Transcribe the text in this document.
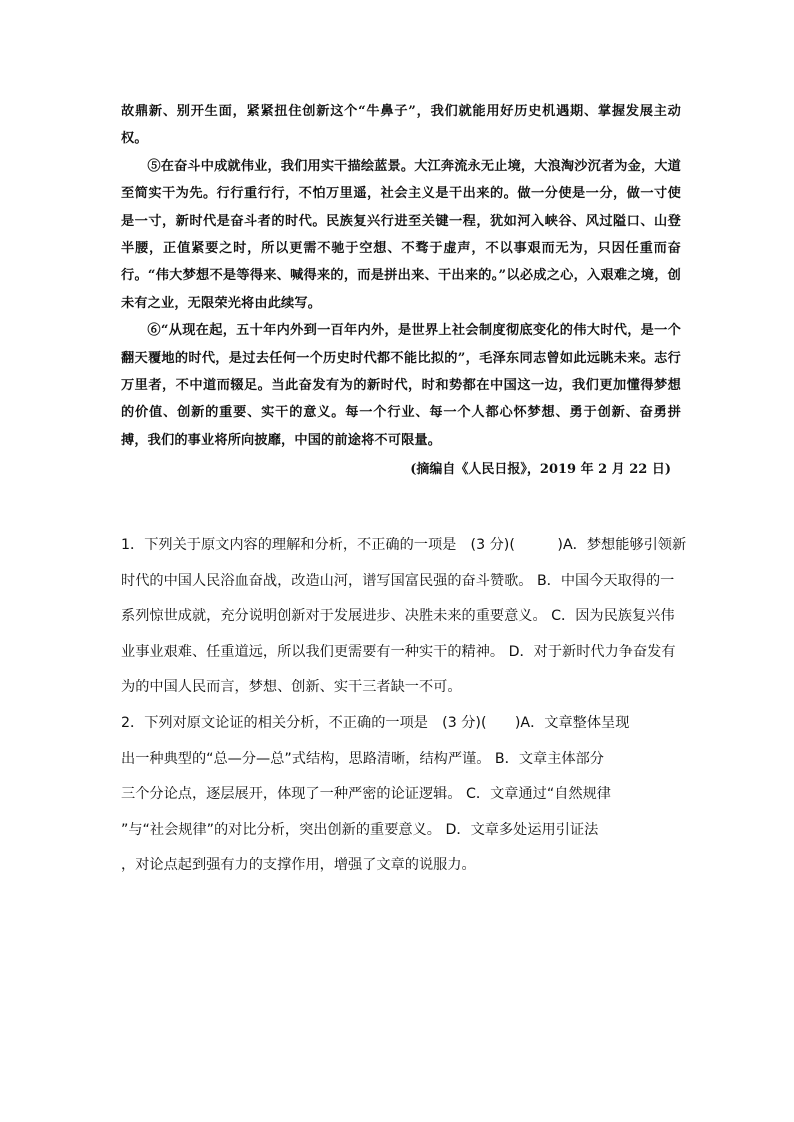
故鼎新、别开生面，紧紧扭住创新这个“牛鼻子”，我们就能用好历史机遇期、掌握发展主动权。

⑤在奋斗中成就伟业，我们用实干描绘蓝景。大江奔流永无止境，大浪淘沙沉者为金，大道至简实干为先。行行重行行，不怕万里遥，社会主义是干出来的。做一分使是一分，做一寸使是一寸，新时代是奋斗者的时代。民族复兴行进至关键一程，犹如河入峡谷、风过隘口、山登半腰，正值紧要之时，所以更需不驰于空想、不骛于虚声，不以事艰而无为，只因任重而奋行。“伟大梦想不是等得来、喊得来的，而是拼出来、干出来的。”以必成之心，入艰难之境，创未有之业，无限荣光将由此续写。

⑥“从现在起，五十年内外到一百年内外，是世界上社会制度彻底变化的伟大时代，是一个翻天覆地的时代，是过去任何一个历史时代都不能比拟的”，毛泽东同志曾如此远眺未来。志行万里者，不中道而辍足。当此奋发有为的新时代，时和势都在中国这一边，我们更加懂得梦想的价值、创新的重要、实干的意义。每一个行业、每一个人都心怀梦想、勇于创新、奋勇拼搏，我们的事业将所向披靡，中国的前途将不可限量。

(摘编自《人民日报》，2019 年 2 月 22 日)

1．下列关于原文内容的理解和分析，不正确的一项是　(3 分)(　　　)A．梦想能够引领新
时代的中国人民浴血奋战，改造山河，谱写国富民强的奋斗赞歌。 B．中国今天取得的一
系列惊世成就，充分说明创新对于发展进步、决胜未来的重要意义。 C．因为民族复兴伟
业事业艰难、任重道远，所以我们更需要有一种实干的精神。 D．对于新时代力争奋发有
为的中国人民而言，梦想、创新、实干三者缺一不可。
2．下列对原文论证的相关分析，不正确的一项是　(3 分)(　　)A．文章整体呈现
出一种典型的“总—分—总”式结构，思路清晰，结构严谨。 B．文章主体部分
三个分论点，逐层展开，体现了一种严密的论证逻辑。 C．文章通过“自然规律
”与“社会规律”的对比分析，突出创新的重要意义。 D．文章多处运用引证法
，对论点起到强有力的支撑作用，增强了文章的说服力。
